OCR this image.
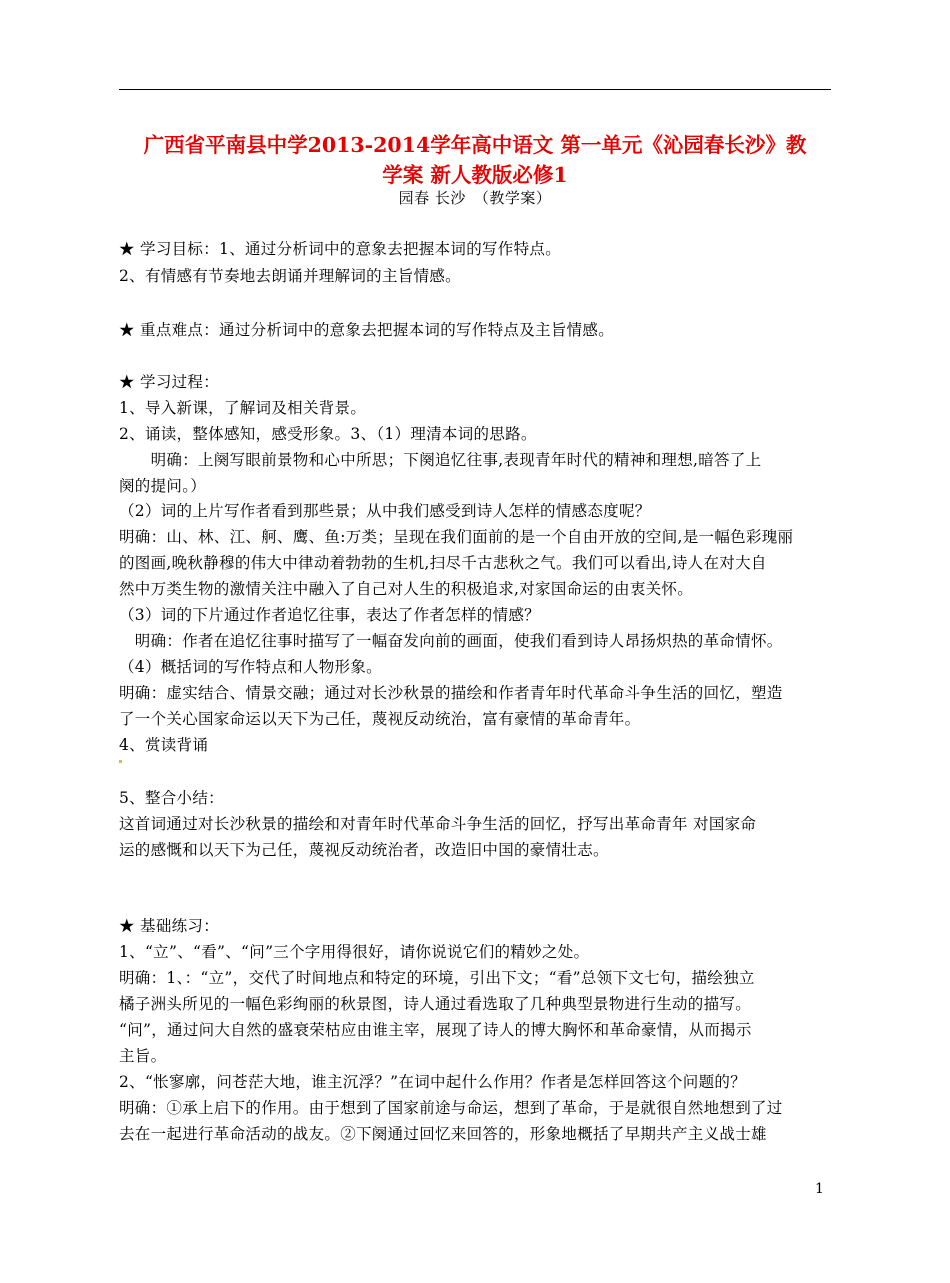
广西省平南县中学2013-2014学年高中语文 第一单元《沁园春长沙》教
学案 新人教版必修1
园春 长沙　（教学案）
★ 学习目标：1、通过分析词中的意象去把握本词的写作特点。
2、有情感有节奏地去朗诵并理解词的主旨情感。
★ 重点难点：通过分析词中的意象去把握本词的写作特点及主旨情感。
★ 学习过程：
1、导入新课，了解词及相关背景。
2、诵读，整体感知，感受形象。3、（1）理清本词的思路。
　　明确：上阕写眼前景物和心中所思；下阕追忆往事,表现青年时代的精神和理想,暗答了上
阕的提问。）
（2）词的上片写作者看到那些景；从中我们感受到诗人怎样的情感态度呢？
明确：山、林、江、舸、鹰、鱼:万类；呈现在我们面前的是一个自由开放的空间,是一幅色彩瑰丽
的图画,晚秋静穆的伟大中律动着勃勃的生机,扫尽千古悲秋之气。我们可以看出,诗人在对大自
然中万类生物的激情关注中融入了自己对人生的积极追求,对家国命运的由衷关怀。
（3）词的下片通过作者追忆往事，表达了作者怎样的情感？
　明确：作者在追忆往事时描写了一幅奋发向前的画面，使我们看到诗人昂扬炽热的革命情怀。
（4）概括词的写作特点和人物形象。
明确：虚实结合、情景交融；通过对长沙秋景的描绘和作者青年时代革命斗争生活的回忆，塑造
了一个关心国家命运以天下为己任，蔑视反动统治，富有豪情的革命青年。
4、赏读背诵
5、整合小结：
这首词通过对长沙秋景的描绘和对青年时代革命斗争生活的回忆，抒写出革命青年 对国家命
运的感慨和以天下为己任，蔑视反动统治者，改造旧中国的豪情壮志。
★ 基础练习：
1、“立”、“看”、“问”三个字用得很好，请你说说它们的精妙之处。
明确：1、：“立”，交代了时间地点和特定的环境，引出下文；“看”总领下文七句，描绘独立
橘子洲头所见的一幅色彩绚丽的秋景图，诗人通过看选取了几种典型景物进行生动的描写。
“问”，通过问大自然的盛衰荣枯应由谁主宰，展现了诗人的博大胸怀和革命豪情，从而揭示
主旨。
2、“怅寥廓，问苍茫大地，谁主沉浮？”在词中起什么作用？作者是怎样回答这个问题的？
明确：①承上启下的作用。由于想到了国家前途与命运，想到了革命，于是就很自然地想到了过
去在一起进行革命活动的战友。②下阕通过回忆来回答的，形象地概括了早期共产主义战士雄
1
